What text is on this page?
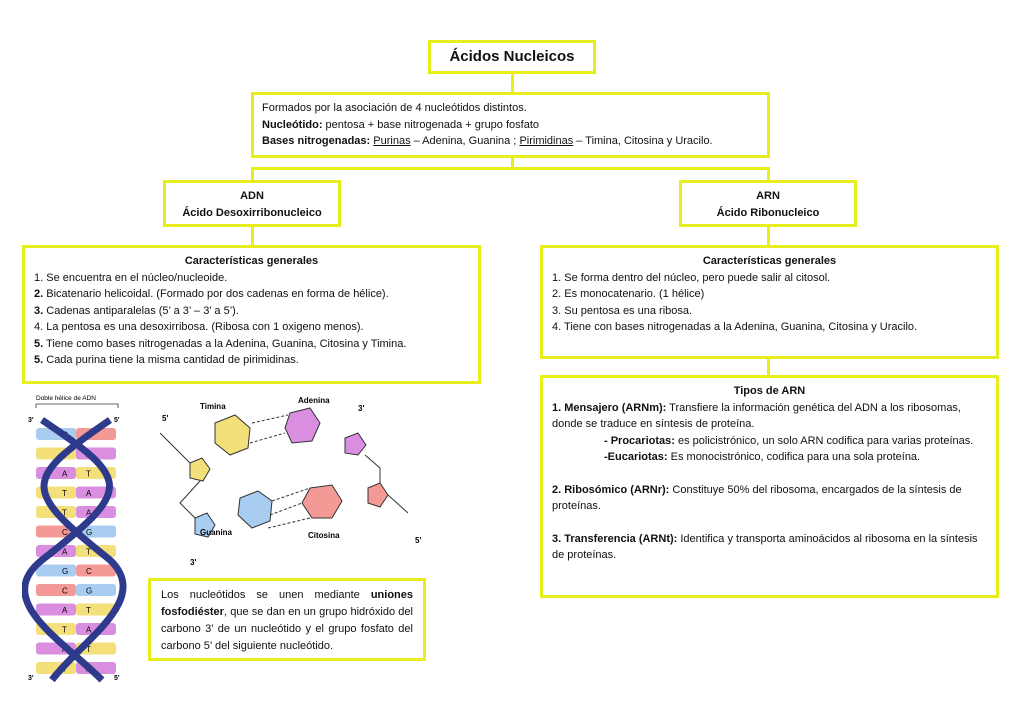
Ácidos Nucleicos
Formados por la asociación de 4 nucleótidos distintos.
Nucleótido: pentosa + base nitrogenada + grupo fosfato
Bases nitrogenadas: Purinas – Adenina, Guanina ; Pirimidinas – Timina, Citosina y Uracilo.
ADN
Ácido Desoxirribonucleico
ARN
Ácido Ribonucleico
Características generales
1. Se encuentra en el núcleo/nucleoide.
2. Bicatenario helicoidal. (Formado por dos cadenas en forma de hélice).
3. Cadenas antiparalelas (5’ a 3’ – 3’ a 5’).
4. La pentosa es una desoxirribosa. (Ribosa con 1 oxigeno menos).
5. Tiene como bases nitrogenadas a la Adenina, Guanina, Citosina y Timina.
5. Cada purina tiene la misma cantidad de pirimidinas.
Características generales
1. Se forma dentro del núcleo, pero puede salir al citosol.
2. Es monocatenario. (1 hélice)
3. Su pentosa es una ribosa.
4. Tiene con bases nitrogenadas a la Adenina, Guanina, Citosina y Uracilo.
Tipos de ARN
1. Mensajero (ARNm): Transfiere la información genética del ADN a los ribosomas, donde se traduce en síntesis de proteína.
- Procariotas: es policistrónico, un solo ARN codifica para varias proteínas.
-Eucariotas: Es monocistrónico, codifica para una sola proteína.
2. Ribosómico (ARNr): Constituye 50% del ribosoma, encargados de la síntesis de proteínas.
3. Transferencia (ARNt): Identifica y transporta aminoácidos al ribosoma en la síntesis de proteínas.
Los nucleótidos se unen mediante uniones fosfodiéster, que se dan en un grupo hidróxido del carbono 3’ de un nucleótido y el grupo fosfato del carbono 5’ del siguiente nucleótido.
Doble hélice de ADN
3'	5'
3'	5'
G C
T A
A T
T A
T A
C G
A T
G C
C G
A T
T A
A T
T A
5'
Timina
Adenina
3'
Guanina
3'
Citosina
5'
